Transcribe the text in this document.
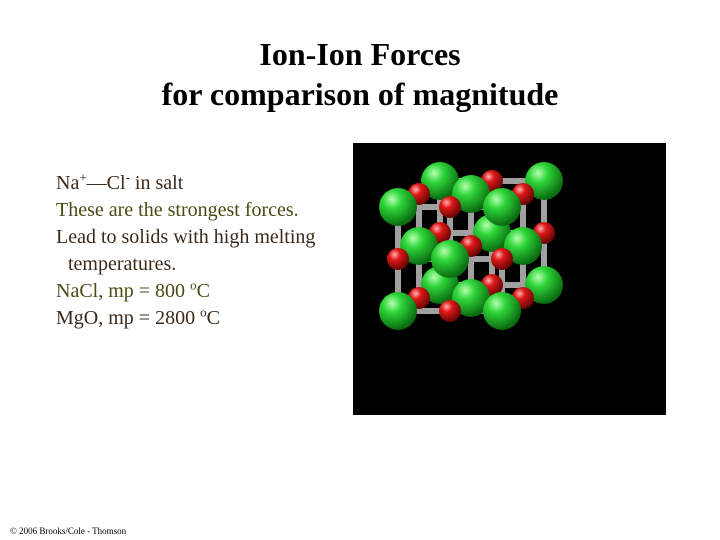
Ion-Ion Forces
for comparison of magnitude
Na+—Cl- in salt
These are the strongest forces.
Lead to solids with high melting temperatures.
NaCl, mp = 800 $^o$C
MgO, mp = 2800 $^o$C
© 2006 Brooks/Cole - Thomson
